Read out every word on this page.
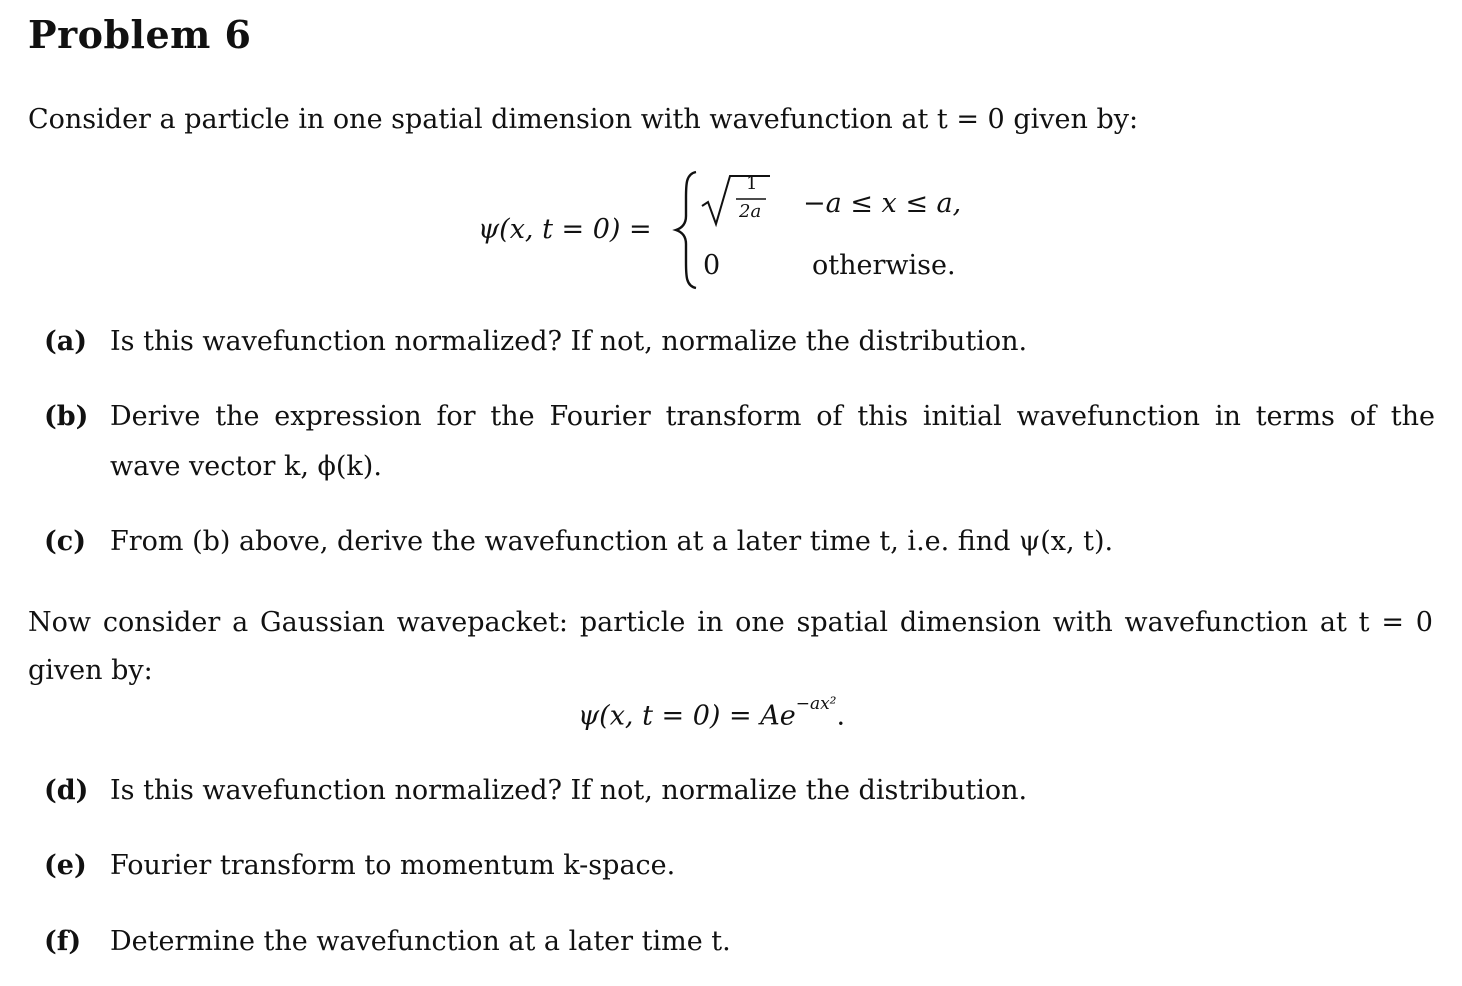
Problem 6
Consider a particle in one spatial dimension with wavefunction at t = 0 given by:
ψ(x, t = 0) =
1
2a −a ≤ x ≤ a,
0	otherwise.
(a) Is this wavefunction normalized? If not, normalize the distribution.
(b) Derive the expression for the Fourier transform of this initial wavefunction in terms of the
wave vector k, ϕ(k).
(c) From (b) above, derive the wavefunction at a later time t, i.e. find ψ(x, t).
Now consider a Gaussian wavepacket: particle in one spatial dimension with wavefunction at t = 0
given by:
ψ(x, $t = 0) = Ae^{-ax^2}$.
(d) Is this wavefunction normalized? If not, normalize the distribution.
(e) Fourier transform to momentum k-space.
(f) Determine the wavefunction at a later time t.
